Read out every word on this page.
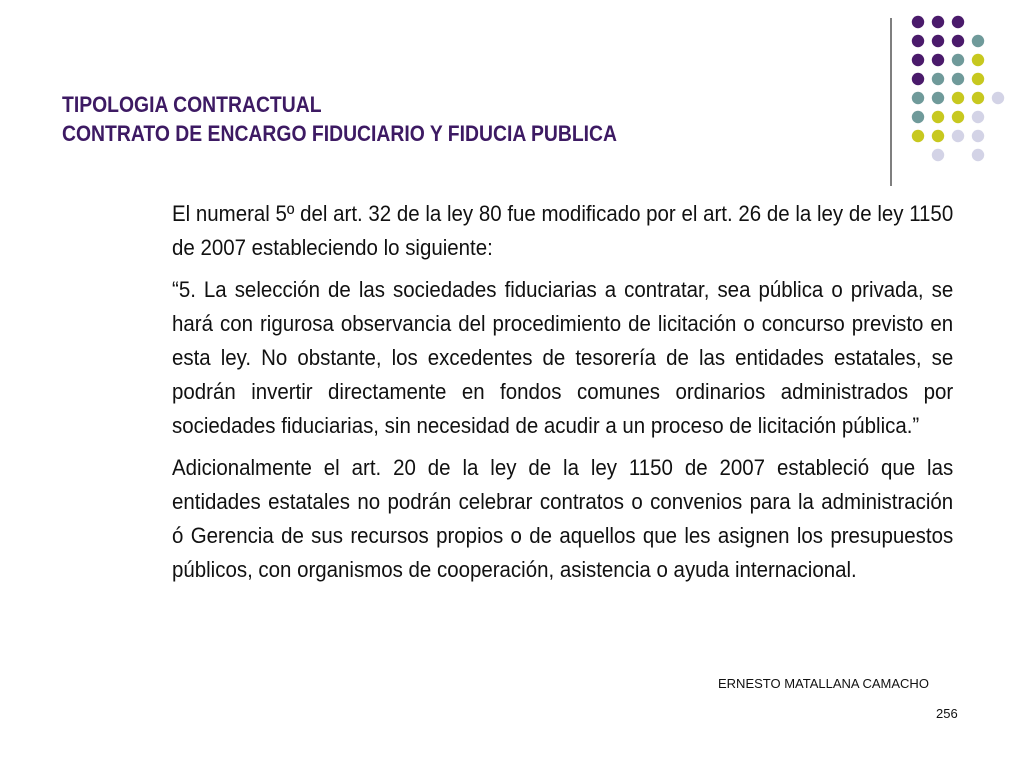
TIPOLOGIA CONTRACTUAL
CONTRATO DE ENCARGO FIDUCIARIO Y FIDUCIA PUBLICA

El numeral 5º del art. 32 de la ley 80 fue modificado por el art. 26 de la ley de ley 1150 de 2007 estableciendo lo siguiente:

“5. La selección de las sociedades fiduciarias a contratar, sea pública o privada, se hará con rigurosa observancia del procedimiento de licitación o concurso previsto en esta ley. No obstante, los excedentes de tesorería de las entidades estatales, se podrán invertir directamente en fondos comunes ordinarios administrados por sociedades fiduciarias, sin necesidad de acudir a un proceso de licitación pública.”

Adicionalmente el art. 20 de la ley de la ley 1150 de 2007 estableció que las entidades estatales no podrán celebrar contratos o convenios para la administración ó Gerencia de sus recursos propios o de aquellos que les asignen los presupuestos públicos, con organismos de cooperación, asistencia o ayuda internacional.

ERNESTO MATALLANA CAMACHO
256
